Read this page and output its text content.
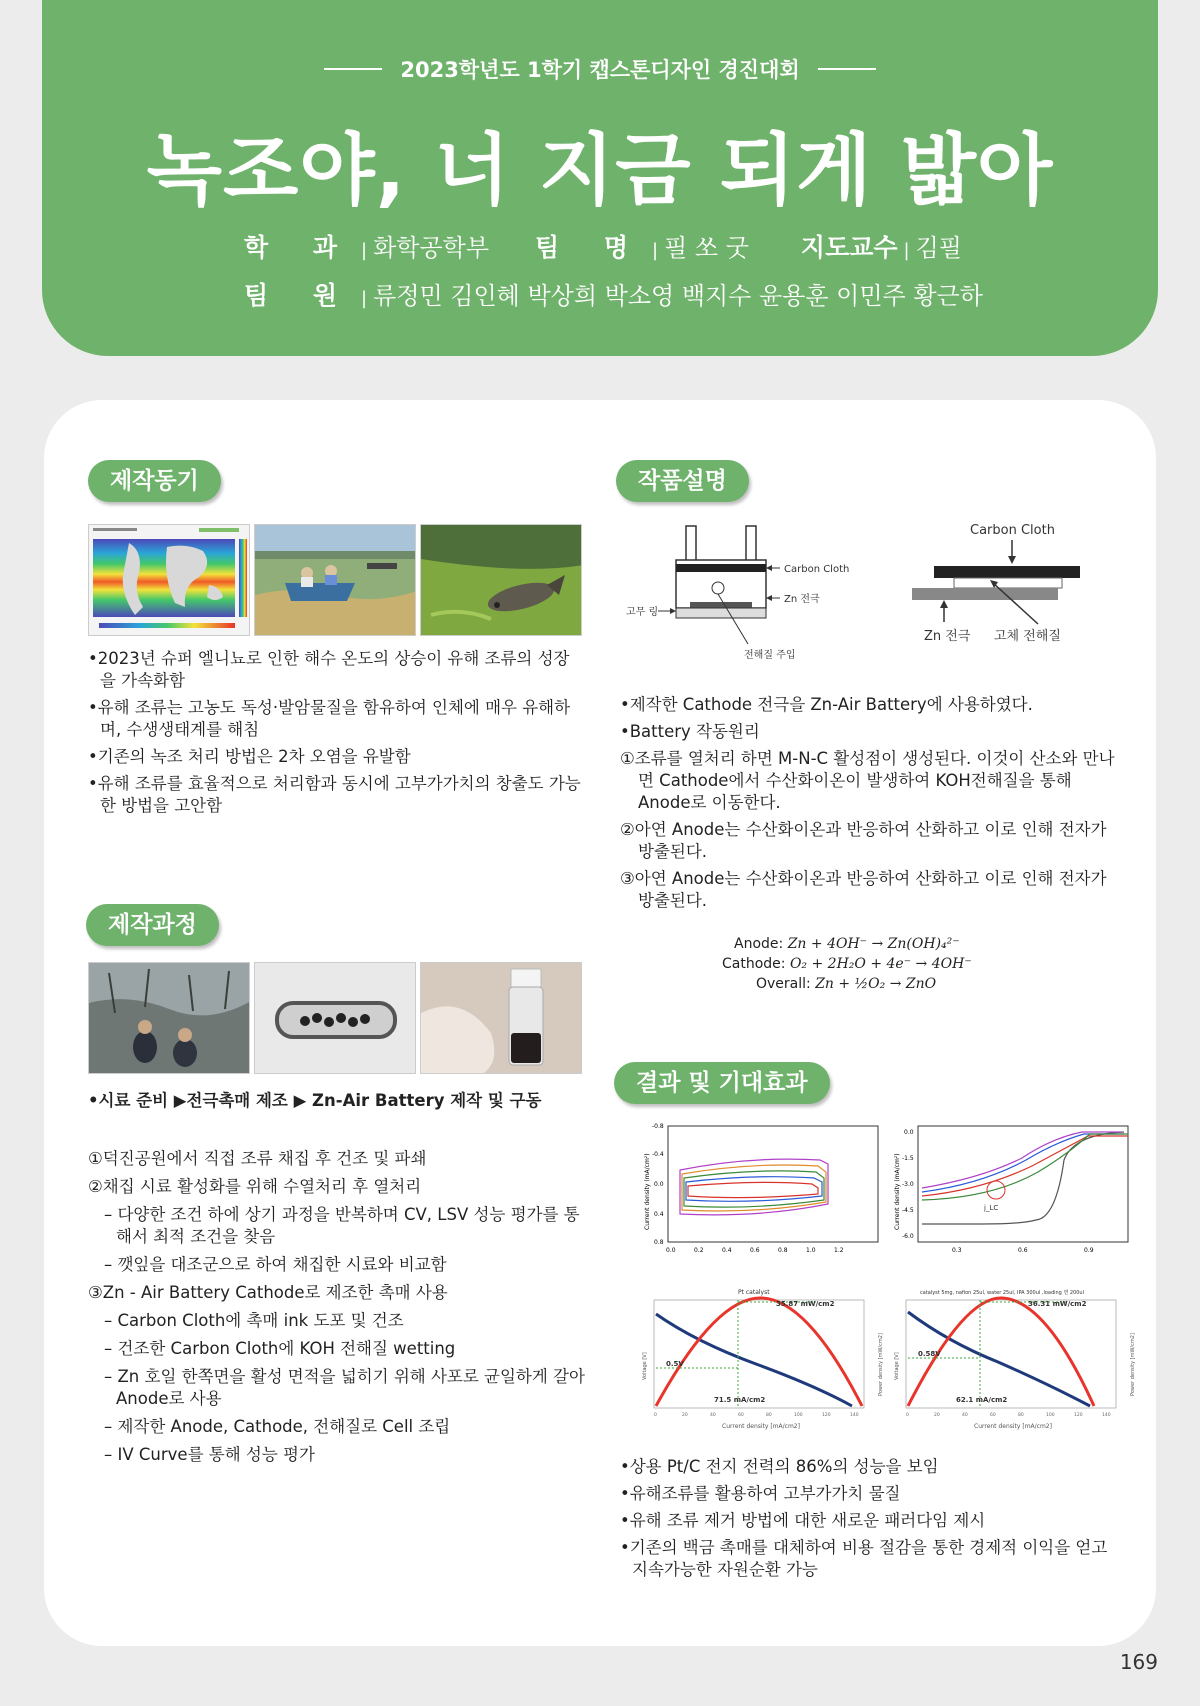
2023학년도 1학기 캡스톤디자인 경진대회
녹조야, 너 지금 되게 밟아
학 과 | 화학공학부 팀 명 | 필 쏘 굿 지도교수 | 김필
팀 원 | 류정민 김인혜 박상희 박소영 백지수 윤용훈 이민주 황근하
제작동기

•2023년 슈퍼 엘니뇨로 인한 해수 온도의 상승이 유해 조류의 성장을 가속화함

•유해 조류는 고농도 독성·발암물질을 함유하여 인체에 매우 유해하며, 수생생태계를 해침

•기존의 녹조 처리 방법은 2차 오염을 유발함

•유해 조류를 효율적으로 처리함과 동시에 고부가가치의 창출도 가능한 방법을 고안함

제작과정
•시료 준비 ▶전극촉매 제조 ▶ Zn-Air Battery 제작 및 구동

①덕진공원에서 직접 조류 채집 후 건조 및 파쇄

②채집 시료 활성화를 위해 수열처리 후 열처리

– 다양한 조건 하에 상기 과정을 반복하며 CV, LSV 성능 평가를 통해서 최적 조건을 찾음

– 깻잎을 대조군으로 하여 채집한 시료와 비교함

③Zn - Air Battery Cathode로 제조한 촉매 사용

– Carbon Cloth에 촉매 ink 도포 및 건조

– 건조한 Carbon Cloth에 KOH 전해질 wetting

– Zn 호일 한쪽면을 활성 면적을 넓히기 위해 사포로 균일하게 갈아 Anode로 사용

– 제작한 Anode, Cathode, 전해질로 Cell 조립

– IV Curve를 통해 성능 평가

작품설명
Carbon Cloth
Zn 전극
고무 링
전해질 주입
Carbon Cloth
Zn 전극 고체 전해질

•제작한 Cathode 전극을 Zn-Air Battery에 사용하였다.

•Battery 작동원리

①조류를 열처리 하면 M-N-C 활성점이 생성된다. 이것이 산소와 만나면 Cathode에서 수산화이온이 발생하여 KOH전해질을 통해 Anode로 이동한다.

②아연 Anode는 수산화이온과 반응하여 산화하고 이로 인해 전자가 방출된다.

③아연 Anode는 수산화이온과 반응하여 산화하고 이로 인해 전자가 방출된다.

Anode: Zn + 4OH⁻ → Zn(OH)₄²⁻
Cathode: O₂ + 2H₂O + 4e⁻ → 4OH⁻
Overall: Zn + ½O₂ → ZnO
결과 및 기대효과
Current density (mA/cm²)
-0.8
-0.4
0.0
0.4
0.8
0.0	0.2	0.4	0.6	0.8	1.0	1.2
Current density (mA/cm²)
0.0
-1.5
-3.0
-4.5
-6.0
0.3	0.6	0.9
j_LC
Pt catalyst
Voltage [V]	Power density [mW/cm2]
Current density [mA/cm2]
35.87 mW/cm2
0.5V
71.5 mA/cm2
0	20	40	60	80	100	120	140
catalyst 5mg, nafion 25ul, water 25ul, IPA 300ul ,loading 면 200ul
Voltage [V]	Power density [mW/cm2]
Current density [mA/cm2]
36.31 mW/cm2
0.58V
62.1 mA/cm2
0	20	40	60	80	100	120	140

•상용 Pt/C 전지 전력의 86%의 성능을 보임

•유해조류를 활용하여 고부가가치 물질

•유해 조류 제거 방법에 대한 새로운 패러다임 제시

•기존의 백금 촉매를 대체하여 비용 절감을 통한 경제적 이익을 얻고 지속가능한 자원순환 가능

169
